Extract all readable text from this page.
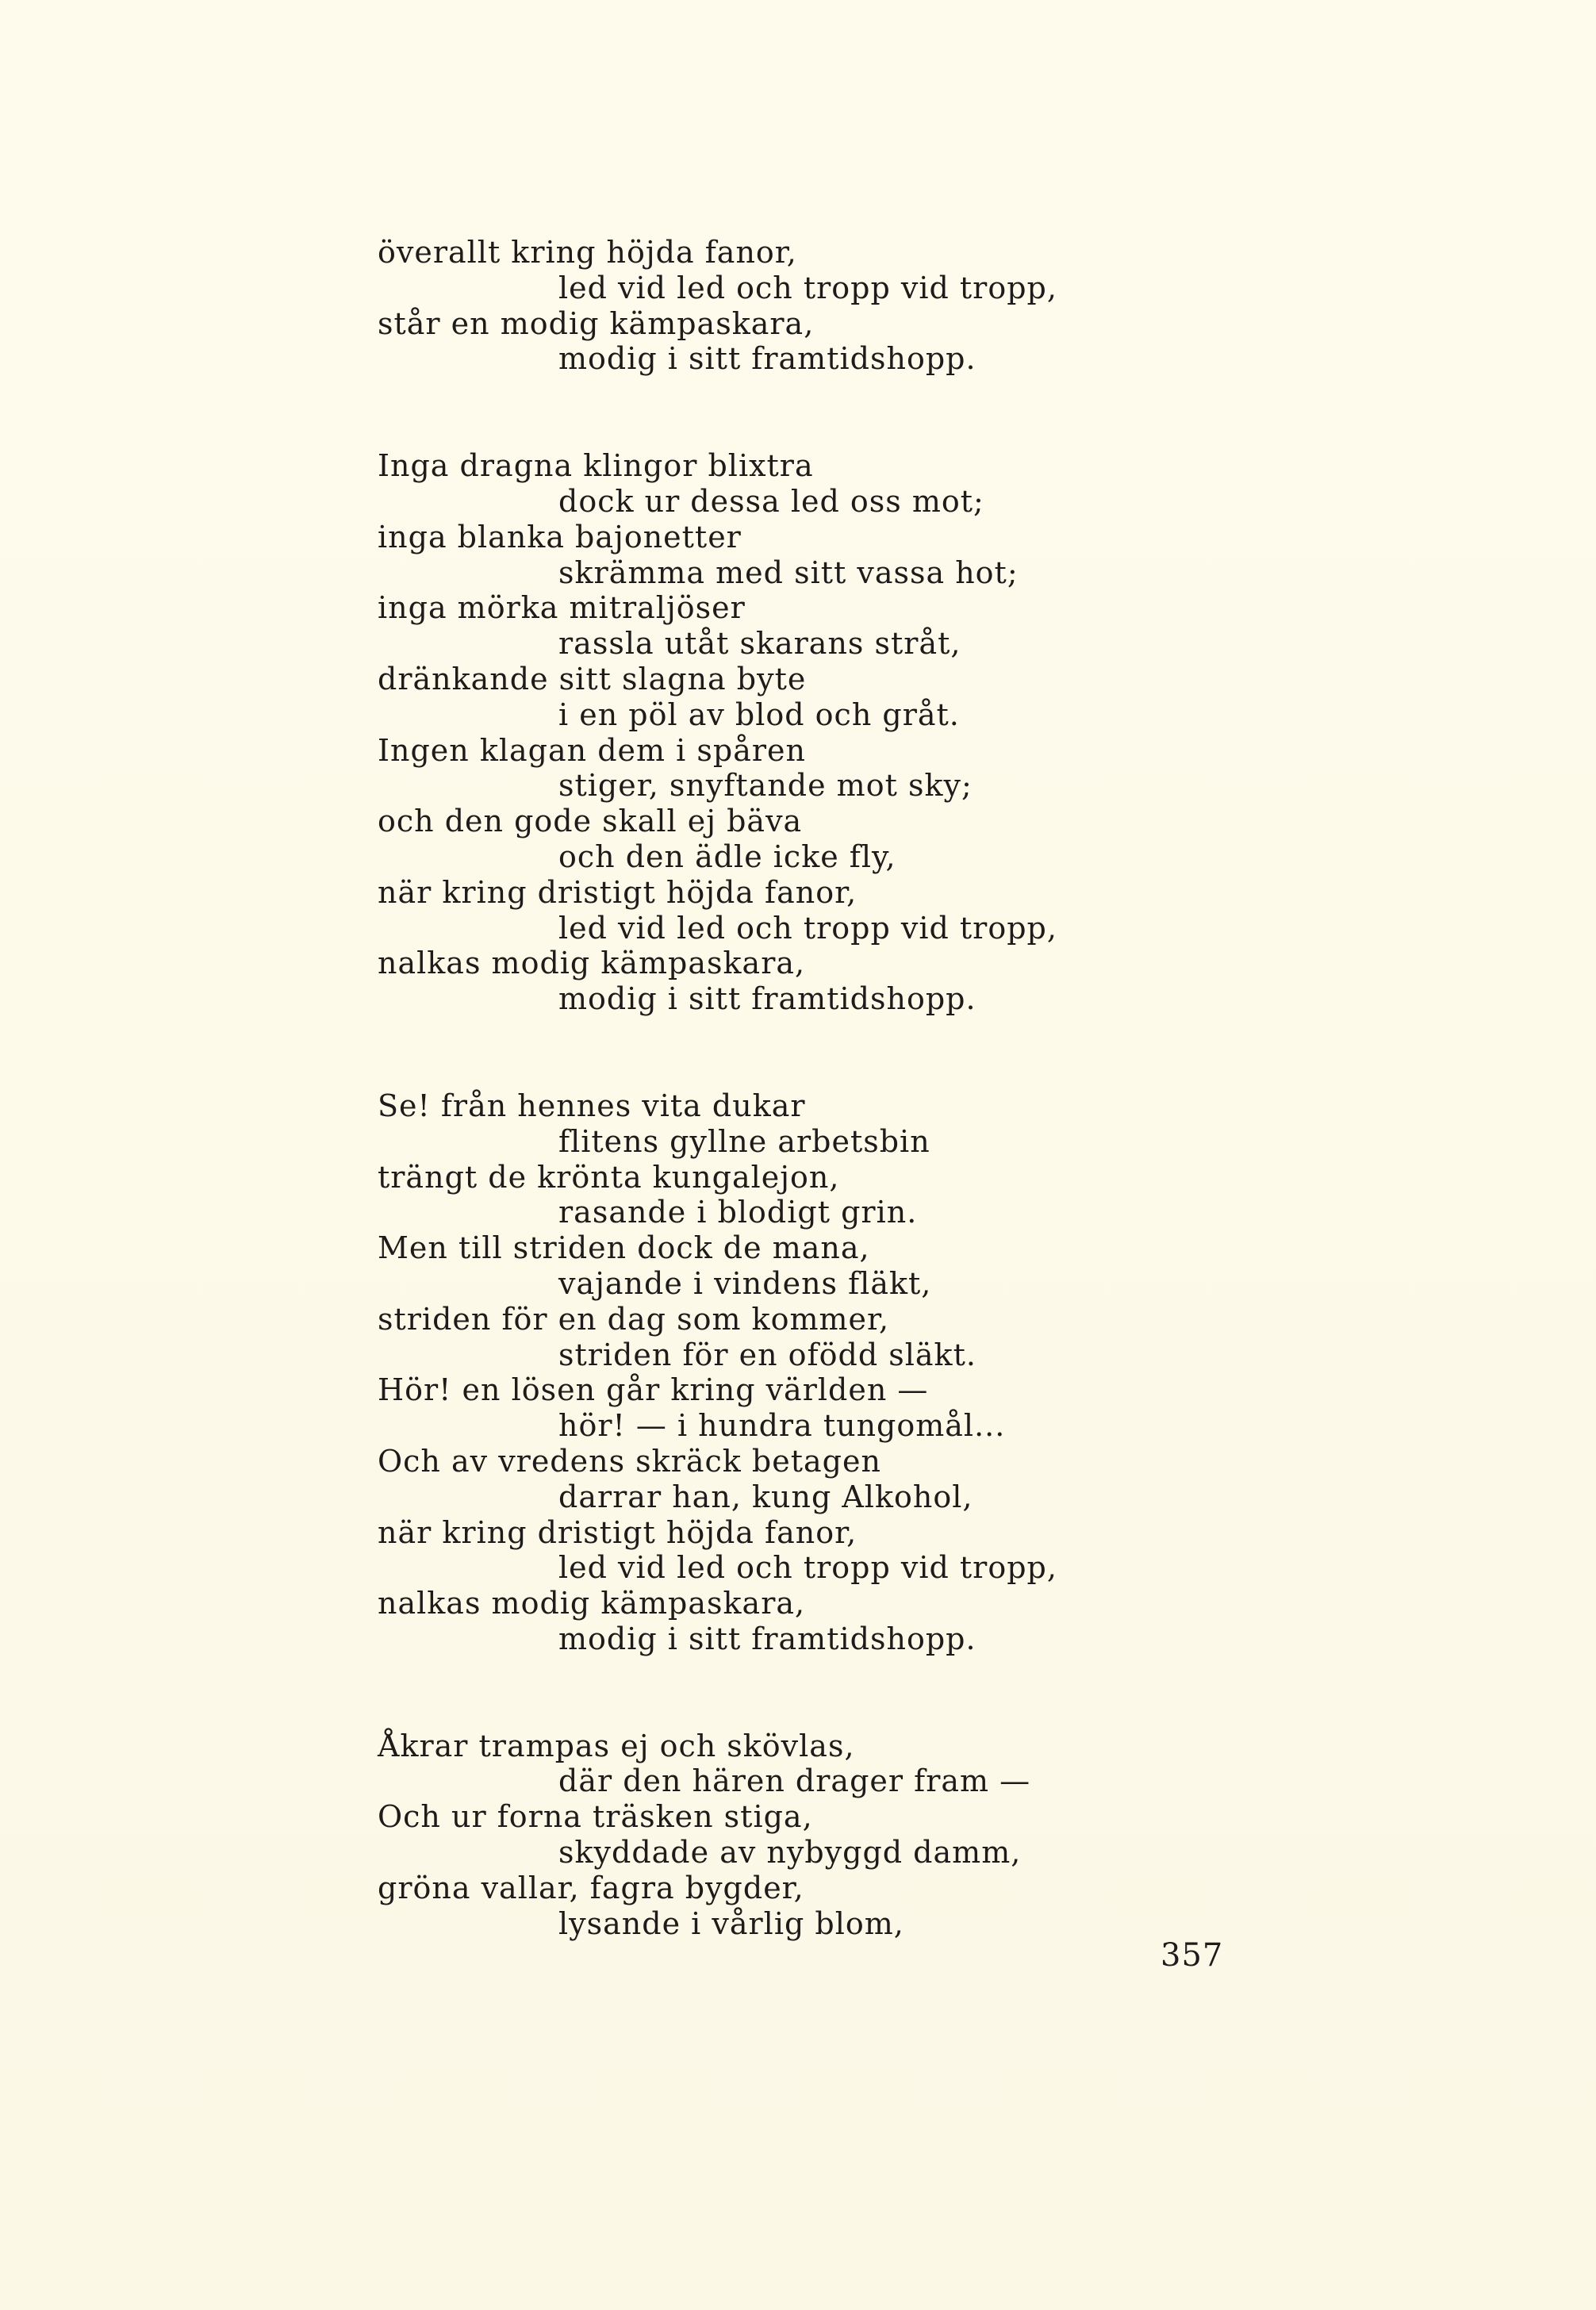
överallt kring höjda fanor,
led vid led och tropp vid tropp,
står en modig kämpaskara,
modig i sitt framtidshopp.
Inga dragna klingor blixtra
dock ur dessa led oss mot;
inga blanka bajonetter
skrämma med sitt vassa hot;
inga mörka mitraljöser
rassla utåt skarans stråt,
dränkande sitt slagna byte
i en pöl av blod och gråt.
Ingen klagan dem i spåren
stiger, snyftande mot sky;
och den gode skall ej bäva
och den ädle icke fly,
när kring dristigt höjda fanor,
led vid led och tropp vid tropp,
nalkas modig kämpaskara,
modig i sitt framtidshopp.
Se! från hennes vita dukar
flitens gyllne arbetsbin
trängt de krönta kungalejon,
rasande i blodigt grin.
Men till striden dock de mana,
vajande i vindens fläkt,
striden för en dag som kommer,
striden för en ofödd släkt.
Hör! en lösen går kring världen —
hör! — i hundra tungomål...
Och av vredens skräck betagen
darrar han, kung Alkohol,
när kring dristigt höjda fanor,
led vid led och tropp vid tropp,
nalkas modig kämpaskara,
modig i sitt framtidshopp.
Åkrar trampas ej och skövlas,
där den hären drager fram —
Och ur forna träsken stiga,
skyddade av nybyggd damm,
gröna vallar, fagra bygder,
lysande i vårlig blom,
357
